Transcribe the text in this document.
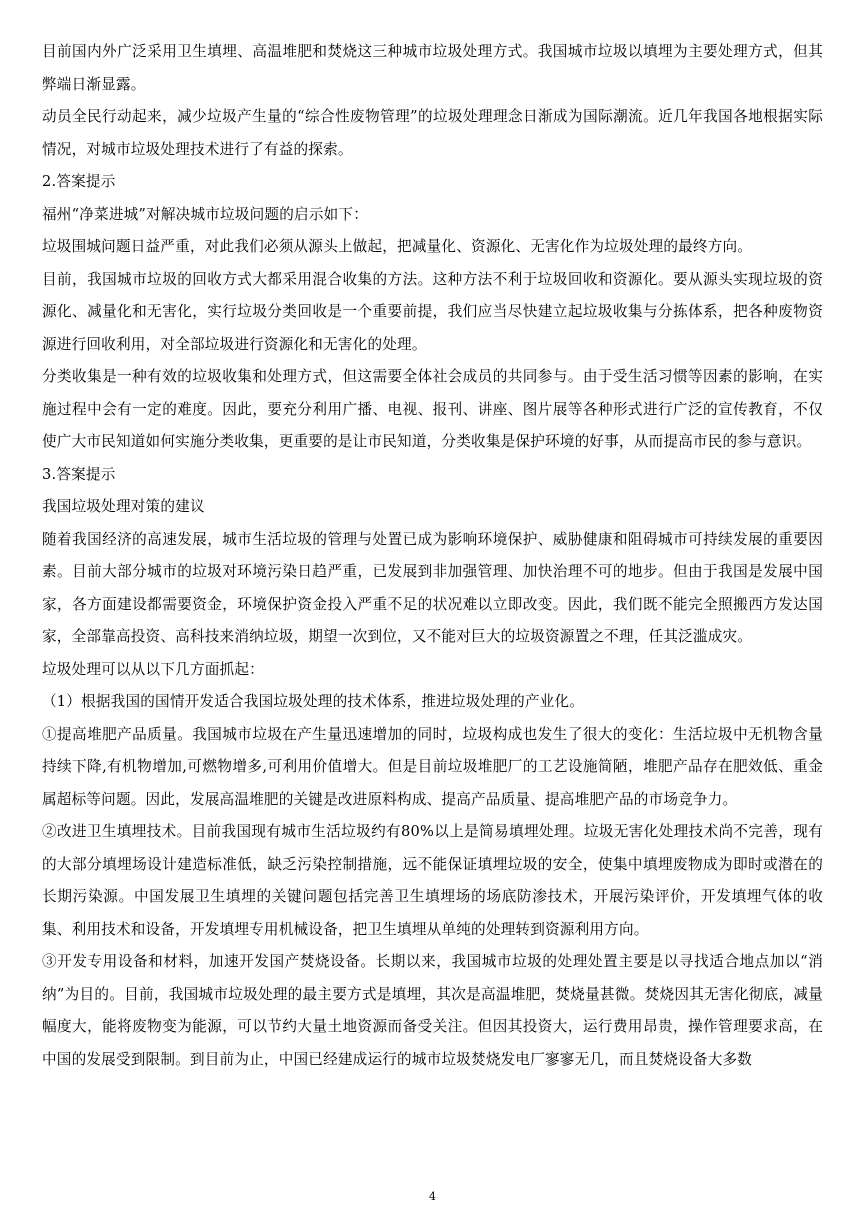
目前国内外广泛采用卫生填埋、高温堆肥和焚烧这三种城市垃圾处理方式。我国城市垃圾以填埋为主要处理方式，但其弊端日渐显露。

动员全民行动起来，减少垃圾产生量的“综合性废物管理”的垃圾处理理念日渐成为国际潮流。近几年我国各地根据实际情况，对城市垃圾处理技术进行了有益的探索。

2.答案提示

福州“净菜进城”对解决城市垃圾问题的启示如下：

垃圾围城问题日益严重，对此我们必须从源头上做起，把减量化、资源化、无害化作为垃圾处理的最终方向。

目前，我国城市垃圾的回收方式大都采用混合收集的方法。这种方法不利于垃圾回收和资源化。要从源头实现垃圾的资源化、减量化和无害化，实行垃圾分类回收是一个重要前提，我们应当尽快建立起垃圾收集与分拣体系，把各种废物资源进行回收利用，对全部垃圾进行资源化和无害化的处理。

分类收集是一种有效的垃圾收集和处理方式，但这需要全体社会成员的共同参与。由于受生活习惯等因素的影响，在实施过程中会有一定的难度。因此，要充分利用广播、电视、报刊、讲座、图片展等各种形式进行广泛的宣传教育，不仅使广大市民知道如何实施分类收集，更重要的是让市民知道，分类收集是保护环境的好事，从而提高市民的参与意识。

3.答案提示

我国垃圾处理对策的建议

随着我国经济的高速发展，城市生活垃圾的管理与处置已成为影响环境保护、威胁健康和阻碍城市可持续发展的重要因素。目前大部分城市的垃圾对环境污染日趋严重，已发展到非加强管理、加快治理不可的地步。但由于我国是发展中国家，各方面建设都需要资金，环境保护资金投入严重不足的状况难以立即改变。因此，我们既不能完全照搬西方发达国家，全部靠高投资、高科技来消纳垃圾，期望一次到位，又不能对巨大的垃圾资源置之不理，任其泛滥成灾。

垃圾处理可以从以下几方面抓起：

（1）根据我国的国情开发适合我国垃圾处理的技术体系，推进垃圾处理的产业化。

①提高堆肥产品质量。我国城市垃圾在产生量迅速增加的同时，垃圾构成也发生了很大的变化：生活垃圾中无机物含量持续下降,有机物增加,可燃物增多,可利用价值增大。但是目前垃圾堆肥厂的工艺设施简陋，堆肥产品存在肥效低、重金属超标等问题。因此，发展高温堆肥的关键是改进原料构成、提高产品质量、提高堆肥产品的市场竞争力。

②改进卫生填埋技术。目前我国现有城市生活垃圾约有80%以上是简易填埋处理。垃圾无害化处理技术尚不完善，现有的大部分填埋场设计建造标准低，缺乏污染控制措施，远不能保证填埋垃圾的安全，使集中填埋废物成为即时或潜在的长期污染源。中国发展卫生填埋的关键问题包括完善卫生填埋场的场底防渗技术，开展污染评价，开发填埋气体的收集、利用技术和设备，开发填埋专用机械设备，把卫生填埋从单纯的处理转到资源利用方向。

③开发专用设备和材料，加速开发国产焚烧设备。长期以来，我国城市垃圾的处理处置主要是以寻找适合地点加以“消纳”为目的。目前，我国城市垃圾处理的最主要方式是填埋，其次是高温堆肥，焚烧量甚微。焚烧因其无害化彻底，减量幅度大，能将废物变为能源，可以节约大量土地资源而备受关注。但因其投资大，运行费用昂贵，操作管理要求高，在中国的发展受到限制。到目前为止，中国已经建成运行的城市垃圾焚烧发电厂寥寥无几，而且焚烧设备大多数

4
